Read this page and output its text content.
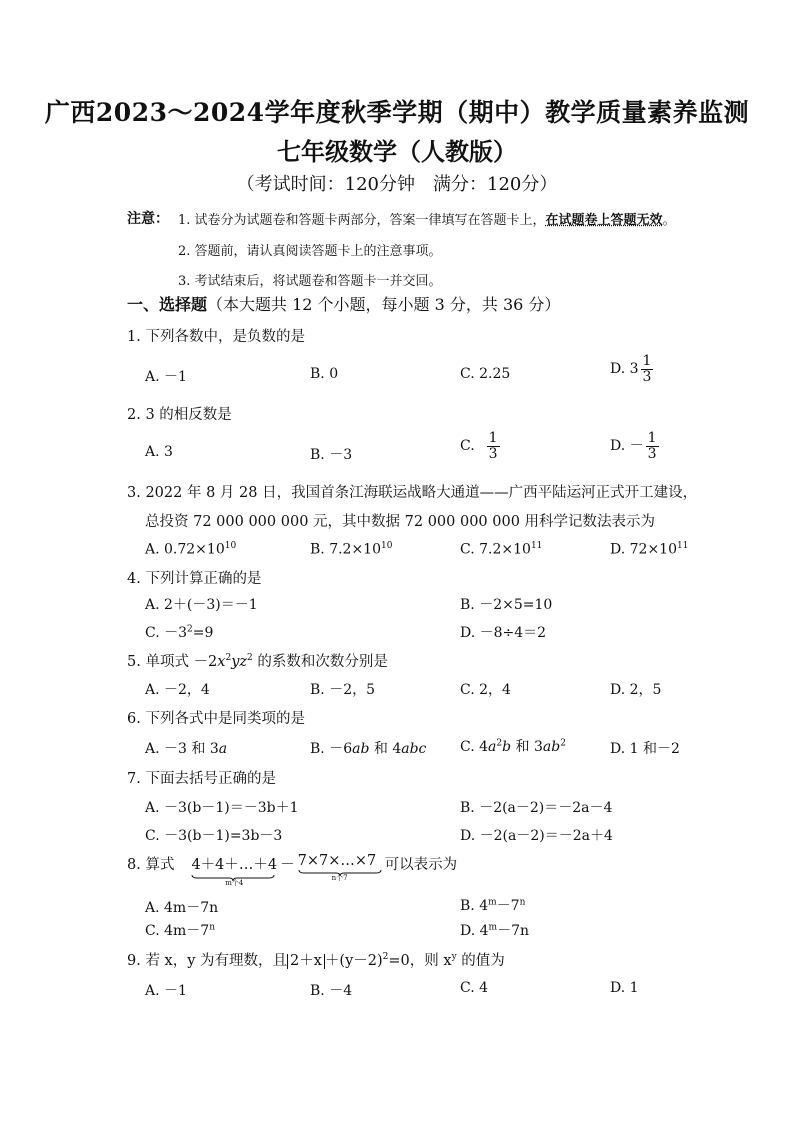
广西2023～2024学年度秋季学期（期中）教学质量素养监测
七年级数学（人教版）
（考试时间：120分钟　满分：120分）
注意： 1. 试卷分为试题卷和答题卡两部分，答案一律填写在答题卡上，在试题卷上答题无效。
2. 答题前，请认真阅读答题卡上的注意事项。
3. 考试结束后，将试题卷和答题卡一并交回。
一、选择题（本大题共 12 个小题，每小题 3 分，共 36 分）
1. 下列各数中，是负数的是
A. －1	B. 0	C. 2.25	D. $3 \frac{1}{3}$
2. 3 的相反数是
A. 3	B. －3
C. $\frac{1}{3}$	D. － $\frac{1}{3}$
3. 2022 年 8 月 28 日，我国首条江海联运战略大通道——广西平陆运河正式开工建设，
总投资 72 000 000 000 元，其中数据 72 000 000 000 用科学记数法表示为
A. $0.72\times 10^{10}$	B. $7.2\times 10^{10}$	C. $7.2\times 10^{11}$	D. $72\times 10^{11}$
4. 下列计算正确的是
A. 2＋(－3)＝－1	B. －2×5=10
C. $-3^2=9$	D. －8÷4＝2
5. 单项式 $-2x^2yz^2$ 的系数和次数分别是
A. －2，4	B. －2，5	C. 2，4	D. 2，5
6. 下列各式中是同类项的是
A. －3 和 3a	B. －6ab 和 4abc C. $4a^2b$ 和 $3ab^2$	D. 1 和－2
7. 下面去括号正确的是
A. －3(b－1)＝－3b＋1	B. －2(a－2)＝－2a－4
C. －3(b－1)=3b－3	D. －2(a－2)＝－2a＋4
8. 算式 4＋4＋…＋4
m个4
－ 7×7×…×7
n个7
可以表示为
A. 4m－7n	B. $4^m-7^n$
C. $4m-7^n$	D. $4^m-7n$
9. 若 x，y 为有理数，且 $2+x +(y-2)^2=0$，则 $x^y$ 的值为
A. －1	B. －4	C. 4	D. 1
